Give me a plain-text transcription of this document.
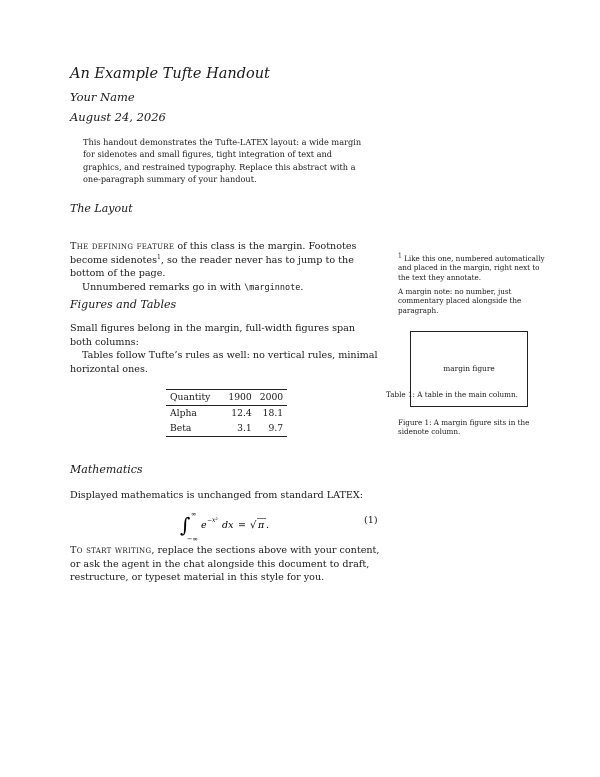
An Example Tufte Handout
Your Name
August 24, 2026
This handout demonstrates the Tufte-LATEX layout: a wide margin for sidenotes and small figures, tight integration of text and graphics, and restrained typography. Replace this abstract with a one-paragraph summary of your handout.
The Layout
The defining feature of this class is the margin. Footnotes become sidenotes$^1$, so the reader never has to jump to the bottom of the page.
Unnumbered remarks go in with \marginnote.
Figures and Tables
Small figures belong in the margin, full-width figures span both columns:
Tables follow Tufte’s rules as well: no vertical rules, minimal horizontal ones.
Quantity	1900	2000
Alpha	12.4	18.1
Beta	3.1	9.7
Mathematics
Displayed mathematics is unchanged from standard LATEX:
∫ ∞
−∞
e −x² dx = √ π .	(1)
To start writing, replace the sections above with your content, or ask the agent in the chat alongside this document to draft, restructure, or typeset material in this style for you.

$^1$ Like this one, numbered automatically and placed in the margin, right next to the text they annotate.

A margin note: no number, just commentary placed alongside the paragraph.

margin figure
Table 1: A table in the main column.
Figure 1: A margin figure sits in the sidenote column.
